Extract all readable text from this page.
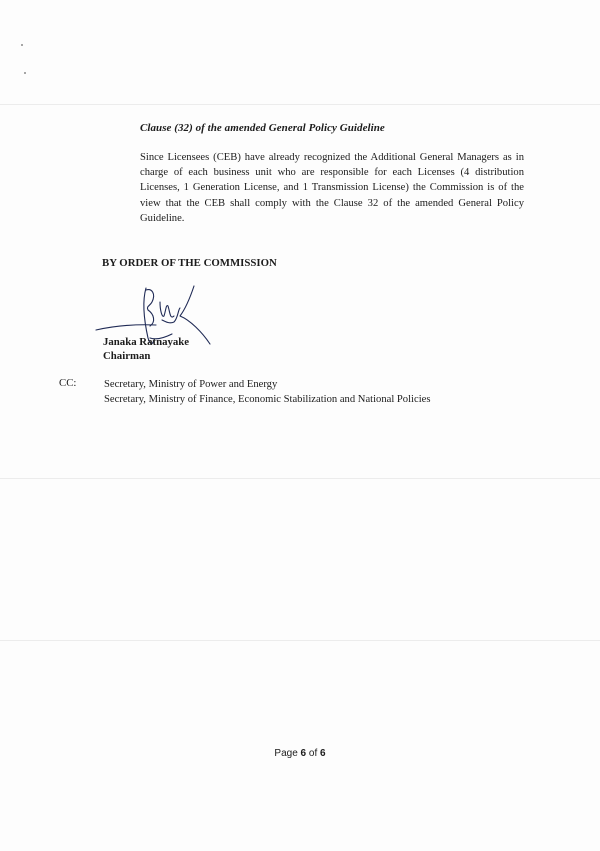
Clause (32) of the amended General Policy Guideline
Since Licensees (CEB) have already recognized the Additional General Managers as in charge of each business unit who are responsible for each Licenses (4 distribution Licenses, 1 Generation License, and 1 Transmission License) the Commission is of the view that the CEB shall comply with the Clause 32 of the amended General Policy Guideline.
BY ORDER OF THE COMMISSION
Janaka Ratnayake
Chairman
CC:	Secretary, Ministry of Power and Energy
Secretary, Ministry of Finance, Economic Stabilization and National Policies
Page 6 of 6
